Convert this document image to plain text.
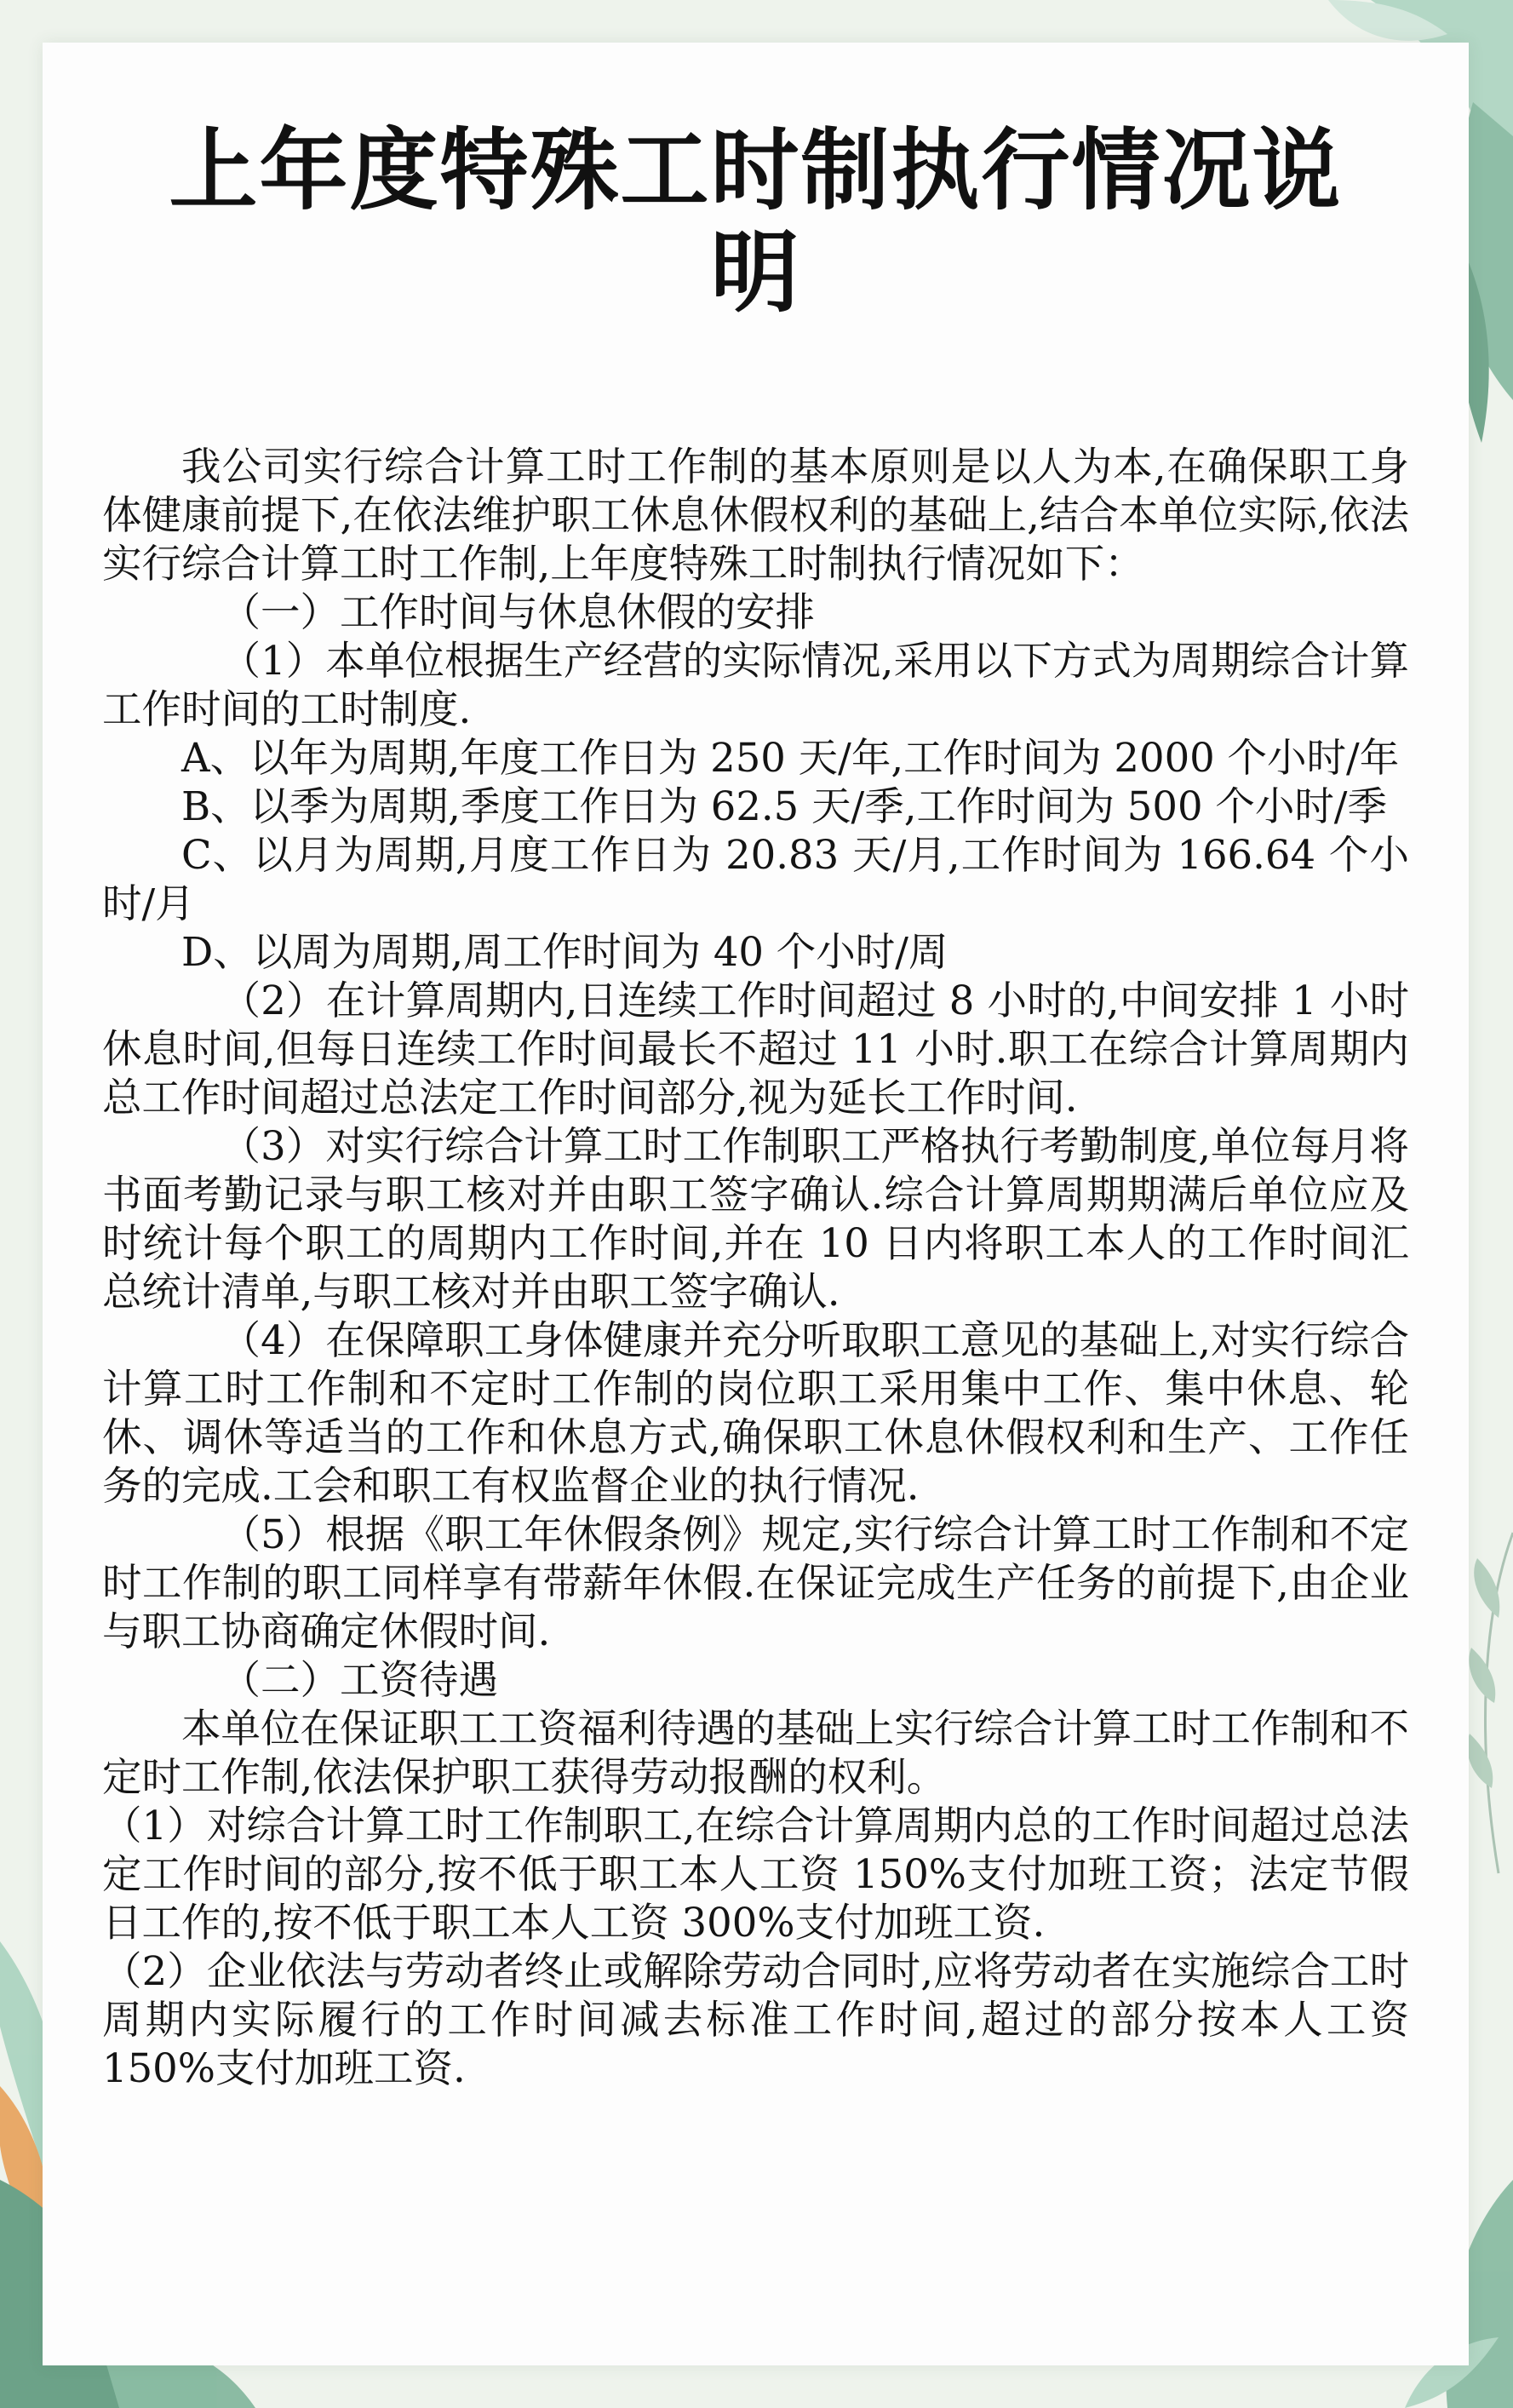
上年度特殊工时制执行情况说明

我公司实行综合计算工时工作制的基本原则是以人为本,在确保职工身体健康前提下,在依法维护职工休息休假权利的基础上,结合本单位实际,依法实行综合计算工时工作制,上年度特殊工时制执行情况如下：

（一）工作时间与休息休假的安排

（1）本单位根据生产经营的实际情况,采用以下方式为周期综合计算工作时间的工时制度.

A、以年为周期,年度工作日为 250 天/年,工作时间为 2000 个小时/年

B、以季为周期,季度工作日为 62.5 天/季,工作时间为 500 个小时/季

C、以月为周期,月度工作日为 20.83 天/月,工作时间为 166.64 个小时/月

D、以周为周期,周工作时间为 40 个小时/周

（2）在计算周期内,日连续工作时间超过 8 小时的,中间安排 1 小时休息时间,但每日连续工作时间最长不超过 11 小时.职工在综合计算周期内总工作时间超过总法定工作时间部分,视为延长工作时间.

（3）对实行综合计算工时工作制职工严格执行考勤制度,单位每月将书面考勤记录与职工核对并由职工签字确认.综合计算周期期满后单位应及时统计每个职工的周期内工作时间,并在 10 日内将职工本人的工作时间汇总统计清单,与职工核对并由职工签字确认.

（4）在保障职工身体健康并充分听取职工意见的基础上,对实行综合计算工时工作制和不定时工作制的岗位职工采用集中工作、集中休息、轮休、调休等适当的工作和休息方式,确保职工休息休假权利和生产、工作任务的完成.工会和职工有权监督企业的执行情况.

（5）根据《职工年休假条例》规定,实行综合计算工时工作制和不定时工作制的职工同样享有带薪年休假.在保证完成生产任务的前提下,由企业与职工协商确定休假时间.

（二）工资待遇

本单位在保证职工工资福利待遇的基础上实行综合计算工时工作制和不定时工作制,依法保护职工获得劳动报酬的权利。

（1）对综合计算工时工作制职工,在综合计算周期内总的工作时间超过总法定工作时间的部分,按不低于职工本人工资 150%支付加班工资；法定节假日工作的,按不低于职工本人工资 300%支付加班工资.

（2）企业依法与劳动者终止或解除劳动合同时,应将劳动者在实施综合工时周期内实际履行的工作时间减去标准工作时间,超过的部分按本人工资 150%支付加班工资.
